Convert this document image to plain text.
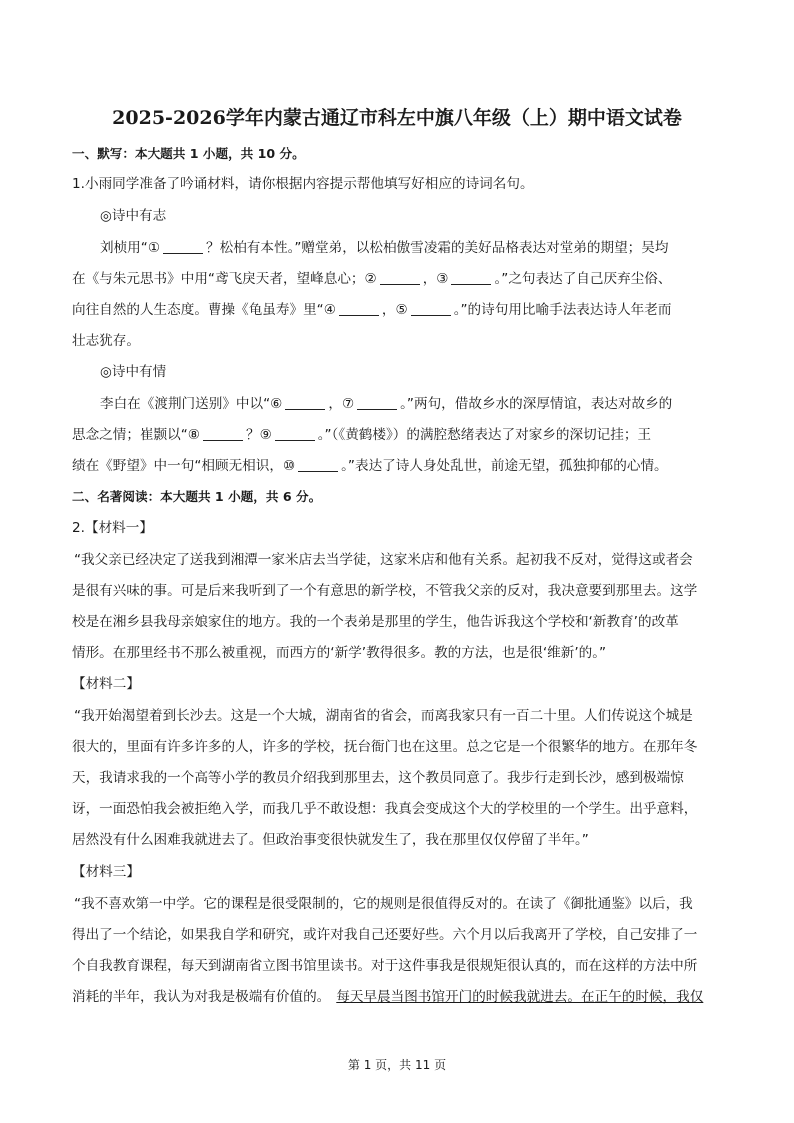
2025-2026学年内蒙古通辽市科左中旗八年级（上）期中语文试卷
一、默写：本大题共 1 小题，共 10 分。
1.小雨同学准备了吟诵材料，请你根据内容提示帮他填写好相应的诗词名句。
◎诗中有志
刘桢用“①	？松柏有本性。”赠堂弟，以松柏傲雪凌霜的美好品格表达对堂弟的期望；吴均
在《与朱元思书》中用“鸢飞戾天者，望峰息心；②	，③	。”之句表达了自己厌弃尘俗、
向往自然的人生态度。曹操《龟虽寿》里“④	，⑤	。”的诗句用比喻手法表达诗人年老而
壮志犹存。
◎诗中有情
李白在《渡荆门送别》中以“⑥	，⑦	。”两句，借故乡水的深厚情谊，表达对故乡的
思念之情；崔颢以“⑧	？⑨	。”（《黄鹤楼》）的满腔愁绪表达了对家乡的深切记挂；王
绩在《野望》中一句“相顾无相识，⑩	。”表达了诗人身处乱世，前途无望，孤独抑郁的心情。
二、名著阅读：本大题共 1 小题，共 6 分。
2.【材料一】
“我父亲已经决定了送我到湘潭一家米店去当学徒，这家米店和他有关系。起初我不反对，觉得这或者会
是很有兴味的事。可是后来我听到了一个有意思的新学校，不管我父亲的反对，我决意要到那里去。这学
校是在湘乡县我母亲娘家住的地方。我的一个表弟是那里的学生，他告诉我这个学校和‘新教育’的改革
情形。在那里经书不那么被重视，而西方的‘新学’教得很多。教的方法，也是很‘维新’的。”
【材料二】
“我开始渴望着到长沙去。这是一个大城，湖南省的省会，而离我家只有一百二十里。人们传说这个城是
很大的，里面有许多许多的人，许多的学校，抚台衙门也在这里。总之它是一个很繁华的地方。在那年冬
天，我请求我的一个高等小学的教员介绍我到那里去，这个教员同意了。我步行走到长沙，感到极端惊
讶，一面恐怕我会被拒绝入学，而我几乎不敢设想：我真会变成这个大的学校里的一个学生。出乎意料，
居然没有什么困难我就进去了。但政治事变很快就发生了，我在那里仅仅停留了半年。”
【材料三】
“我不喜欢第一中学。它的课程是很受限制的，它的规则是很值得反对的。在读了《御批通鉴》以后，我
得出了一个结论，如果我自学和研究，或许对我自己还要好些。六个月以后我离开了学校，自己安排了一
个自我教育课程，每天到湖南省立图书馆里读书。对于这件事我是很规矩很认真的，而在这样的方法中所
消耗的半年，我认为对我是极端有价值的。 每天早晨当图书馆开门的时候我就进去。在正午的时候，我仅
第 1 页，共 11 页
